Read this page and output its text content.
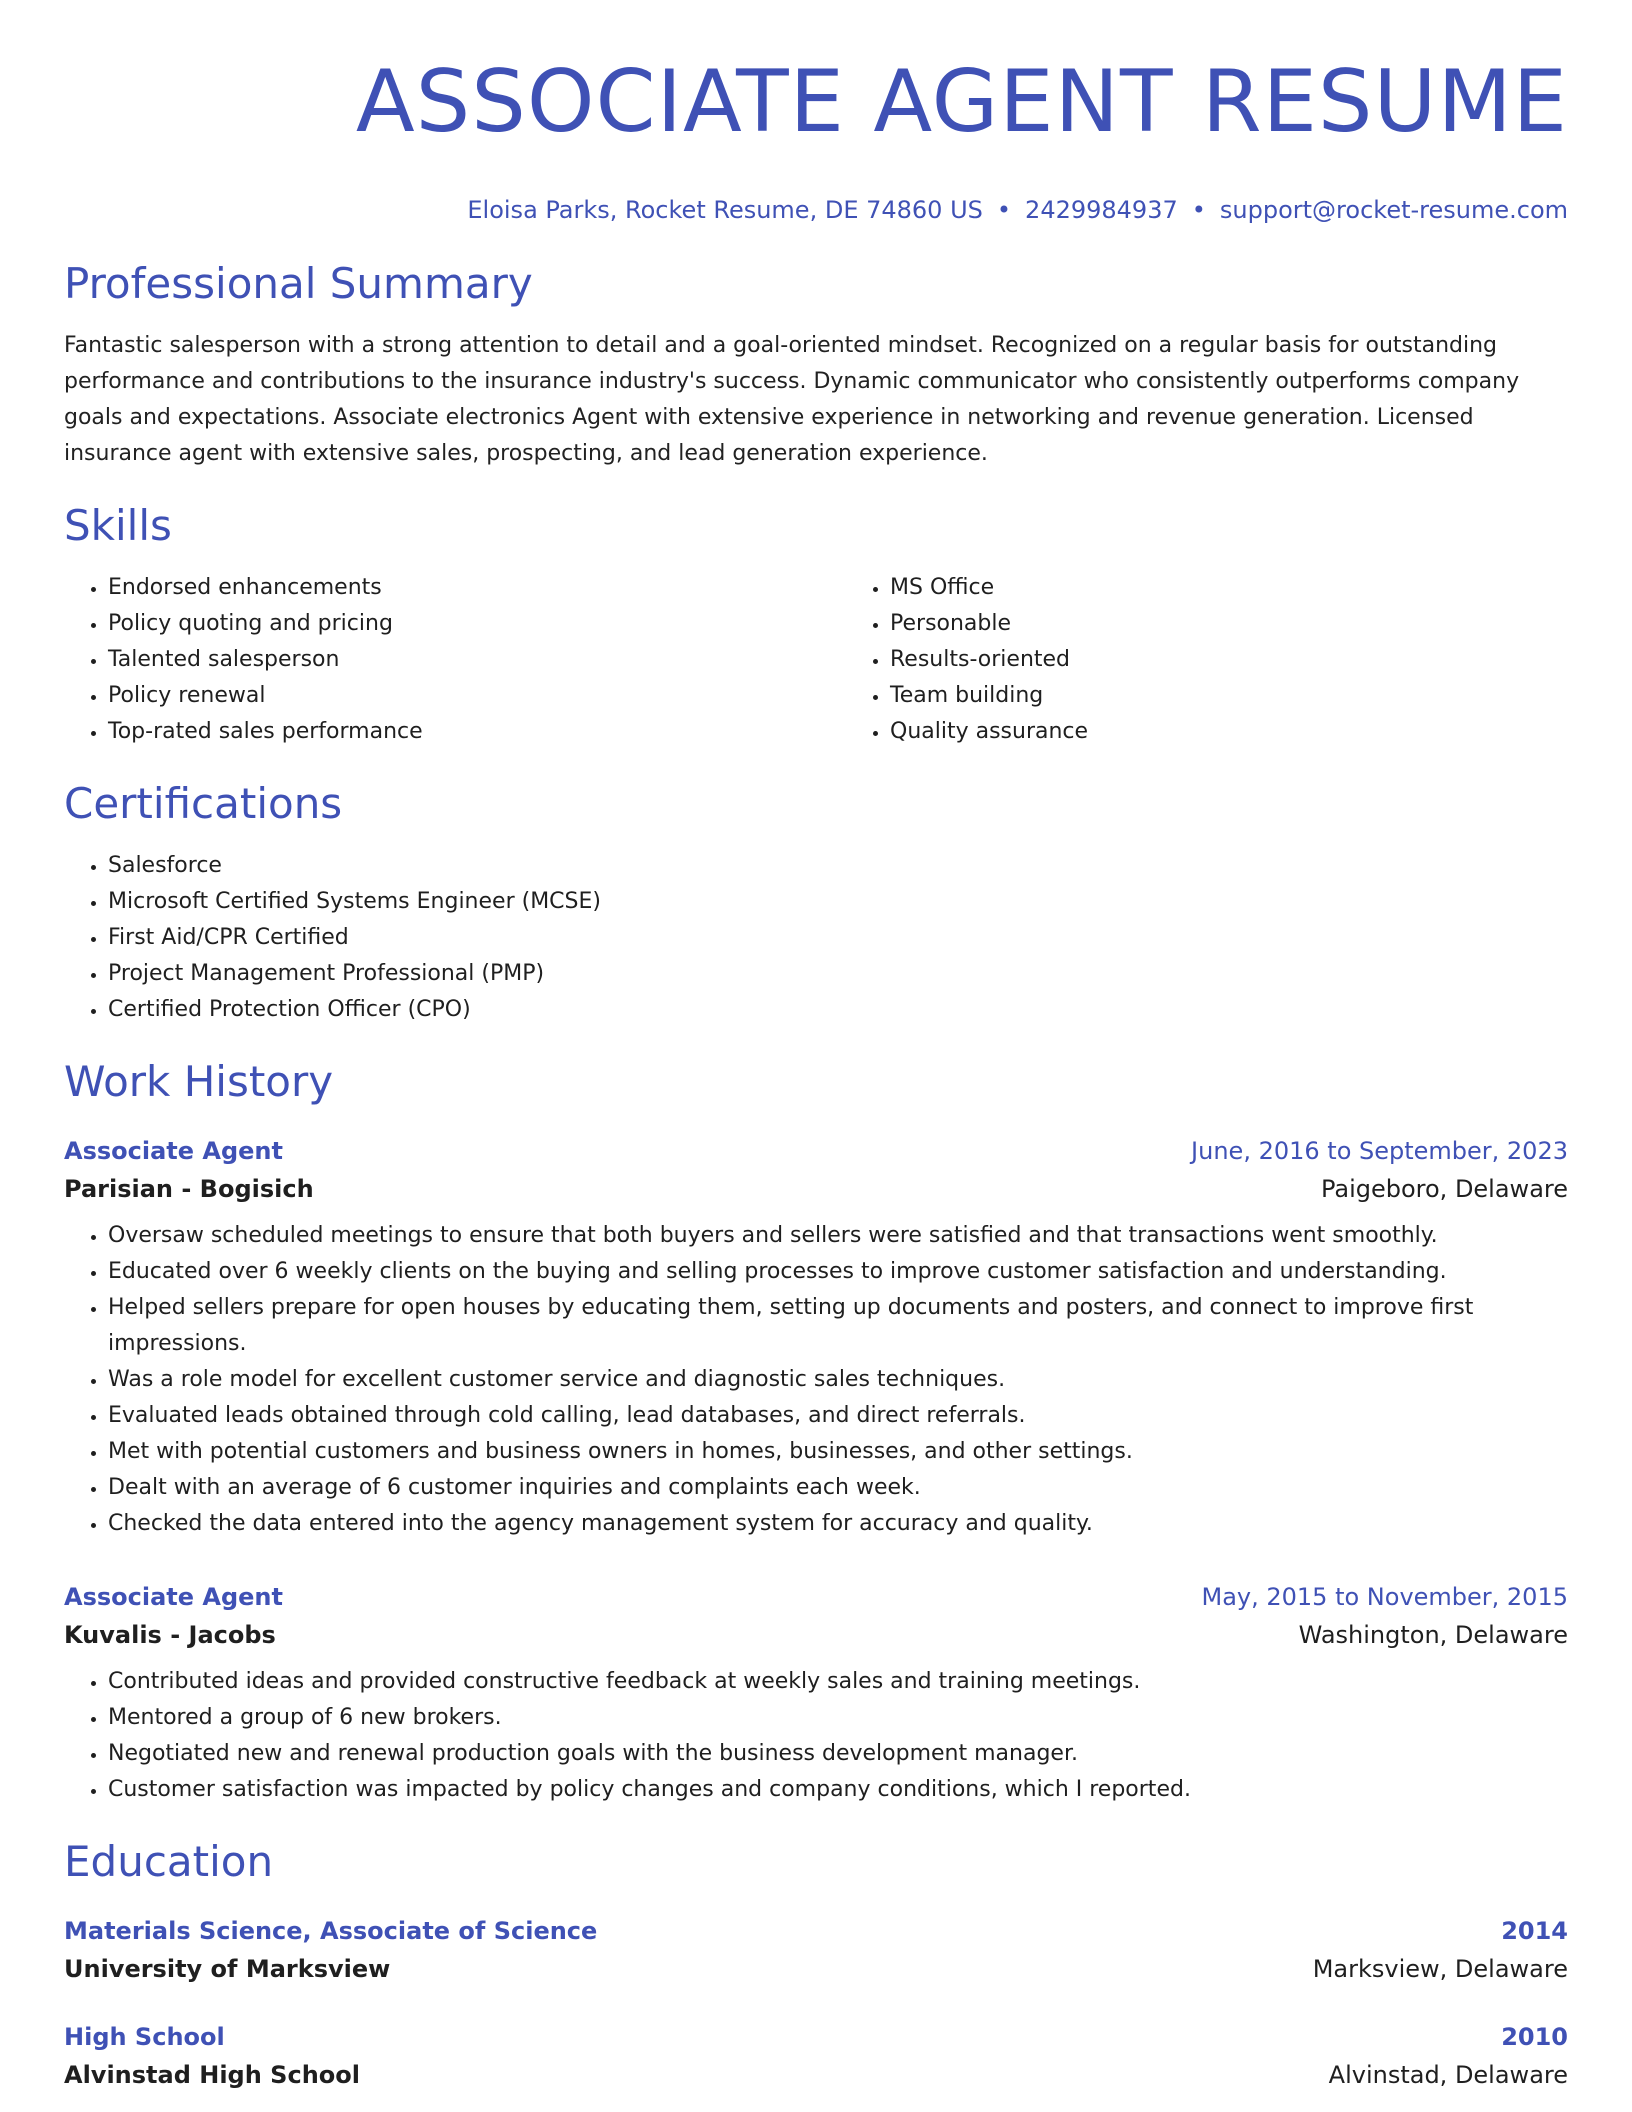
ASSOCIATE AGENT RESUME
Eloisa Parks, Rocket Resume, DE 74860 US • 2429984937 • support@rocket-resume.com
Professional Summary

Fantastic salesperson with a strong attention to detail and a goal-oriented mindset. Recognized on a regular basis for outstanding performance and contributions to the insurance industry's success. Dynamic communicator who consistently outperforms company goals and expectations. Associate electronics Agent with extensive experience in networking and revenue generation. Licensed insurance agent with extensive sales, prospecting, and lead generation experience.

Skills
• Endorsed enhancements
• Policy quoting and pricing
• Talented salesperson
• Policy renewal
• Top-rated sales performance
• MS Office
• Personable
• Results-oriented
• Team building
• Quality assurance
Certifications
• Salesforce
• Microsoft Certified Systems Engineer (MCSE)
• First Aid/CPR Certified
• Project Management Professional (PMP)
• Certified Protection Officer (CPO)
Work History
Associate Agent	June, 2016 to September, 2023
Parisian - Bogisich	Paigeboro, Delaware
• Oversaw scheduled meetings to ensure that both buyers and sellers were satisfied and that transactions went smoothly.
• Educated over 6 weekly clients on the buying and selling processes to improve customer satisfaction and understanding.
• Helped sellers prepare for open houses by educating them, setting up documents and posters, and connect to improve first impressions.
• Was a role model for excellent customer service and diagnostic sales techniques.
• Evaluated leads obtained through cold calling, lead databases, and direct referrals.
• Met with potential customers and business owners in homes, businesses, and other settings.
• Dealt with an average of 6 customer inquiries and complaints each week.
• Checked the data entered into the agency management system for accuracy and quality.
Associate Agent	May, 2015 to November, 2015
Kuvalis - Jacobs	Washington, Delaware
• Contributed ideas and provided constructive feedback at weekly sales and training meetings.
• Mentored a group of 6 new brokers.
• Negotiated new and renewal production goals with the business development manager.
• Customer satisfaction was impacted by policy changes and company conditions, which I reported.
Education
Materials Science, Associate of Science	2014
University of Marksview	Marksview, Delaware
High School	2010
Alvinstad High School	Alvinstad, Delaware
